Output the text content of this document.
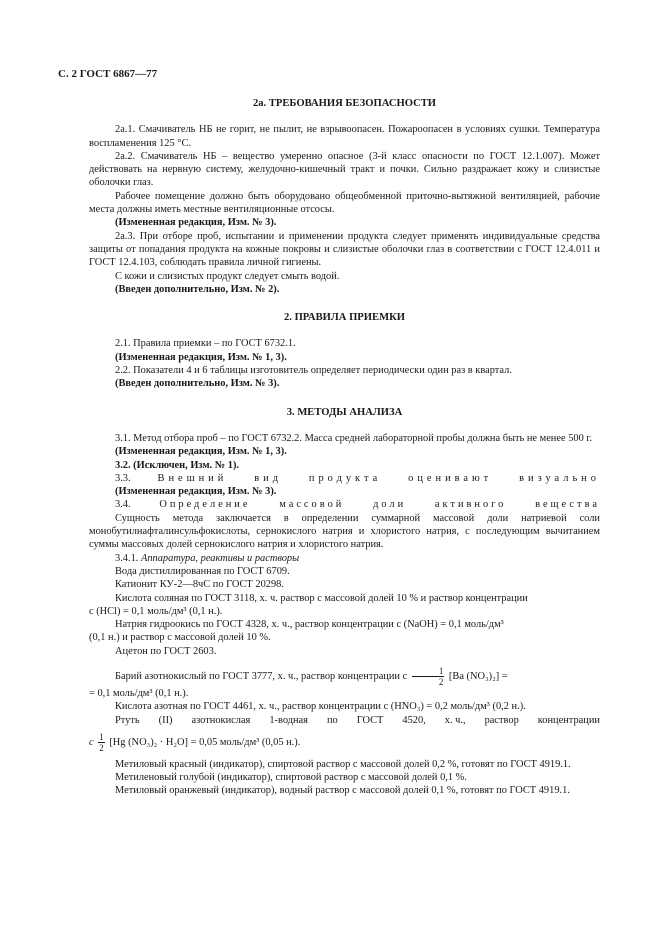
С. 2 ГОСТ 6867—77
2а. ТРЕБОВАНИЯ БЕЗОПАСНОСТИ

2а.1. Смачиватель НБ не горит, не пылит, не взрывоопасен. Пожароопасен в условиях сушки. Температура воспламенения 125 °С.

2а.2. Смачиватель НБ – вещество умеренно опасное (3-й класс опасности по ГОСТ 12.1.007). Может действовать на нервную систему, желудочно-кишечный тракт и почки. Сильно раздражает кожу и слизистые оболочки глаз.

Рабочее помещение должно быть оборудовано общеобменной приточно-вытяжной вентиляцией, рабочие места должны иметь местные вентиляционные отсосы.

(Измененная редакция, Изм. № 3).

2а.3. При отборе проб, испытании и применении продукта следует применять индивидуальные средства защиты от попадания продукта на кожные покровы и слизистые оболочки глаз в соответствии с ГОСТ 12.4.011 и ГОСТ 12.4.103, соблюдать правила личной гигиены.

С кожи и слизистых продукт следует смыть водой.

(Введен дополнительно, Изм. № 2).

2. ПРАВИЛА ПРИЕМКИ

2.1. Правила приемки – по ГОСТ 6732.1.

(Измененная редакция, Изм. № 1, 3).

2.2. Показатели 4 и 6 таблицы изготовитель определяет периодически один раз в квартал.

(Введен дополнительно, Изм. № 3).

3. МЕТОДЫ АНАЛИЗА

3.1. Метод отбора проб – по ГОСТ 6732.2. Масса средней лабораторной пробы должна быть не менее 500 г.

(Измененная редакция, Изм. № 1, 3).

3.2. (Исключен, Изм. № 1).

3.3.	Внешний	вид	продукта	оценивают	визуально

(Измененная редакция, Изм. № 3).

3.4.	Определение	массовой	доли	активного	вещества

Сущность метода заключается в определении суммарной массовой доли натриевой соли монобутилнафталинсульфокислоты, сернокислого натрия и хлористого натрия, с последующим вычитанием суммы массовых долей сернокислого натрия и хлористого натрия.

3.4.1. Аппаратура, реактивы и растворы

Вода дистиллированная по ГОСТ 6709.

Катионит КУ-2—8чС по ГОСТ 20298.

Кислота соляная по ГОСТ 3118, х. ч. раствор с массовой долей 10 % и раствор концентрации

c (HCl) = 0,1 моль/дм³ (0,1 н.).

Натрия гидроокись по ГОСТ 4328, х. ч., раствор концентрации c (NaOH) = 0,1 моль/дм³

(0,1 н.) и раствор с массовой долей 10 %.

Ацетон по ГОСТ 2603.

Барий азотнокислый по ГОСТ 3777, х. ч., раствор концентрации c $\frac{1}{2} [Ba$ (NO₃)₂] =

= 0,1 моль/дм³ (0,1 н.).

Кислота азотная по ГОСТ 4461, х. ч., раствор концентрации c (HNO₃) = 0,2 моль/дм³ (0,2 н.).

Ртуть (II) азотнокислая 1-водная по ГОСТ 4520, х. ч., раствор концентрации

c $\frac{1}{2} [Hg$ (NO₃)₂ · H₂O] = 0,05 моль/дм³ (0,05 н.).

Метиловый красный (индикатор), спиртовой раствор с массовой долей 0,2 %, готовят по ГОСТ 4919.1.

Метиленовый голубой (индикатор), спиртовой раствор с массовой долей 0,1 %.

Метиловый оранжевый (индикатор), водный раствор с массовой долей 0,1 %, готовят по ГОСТ 4919.1.
